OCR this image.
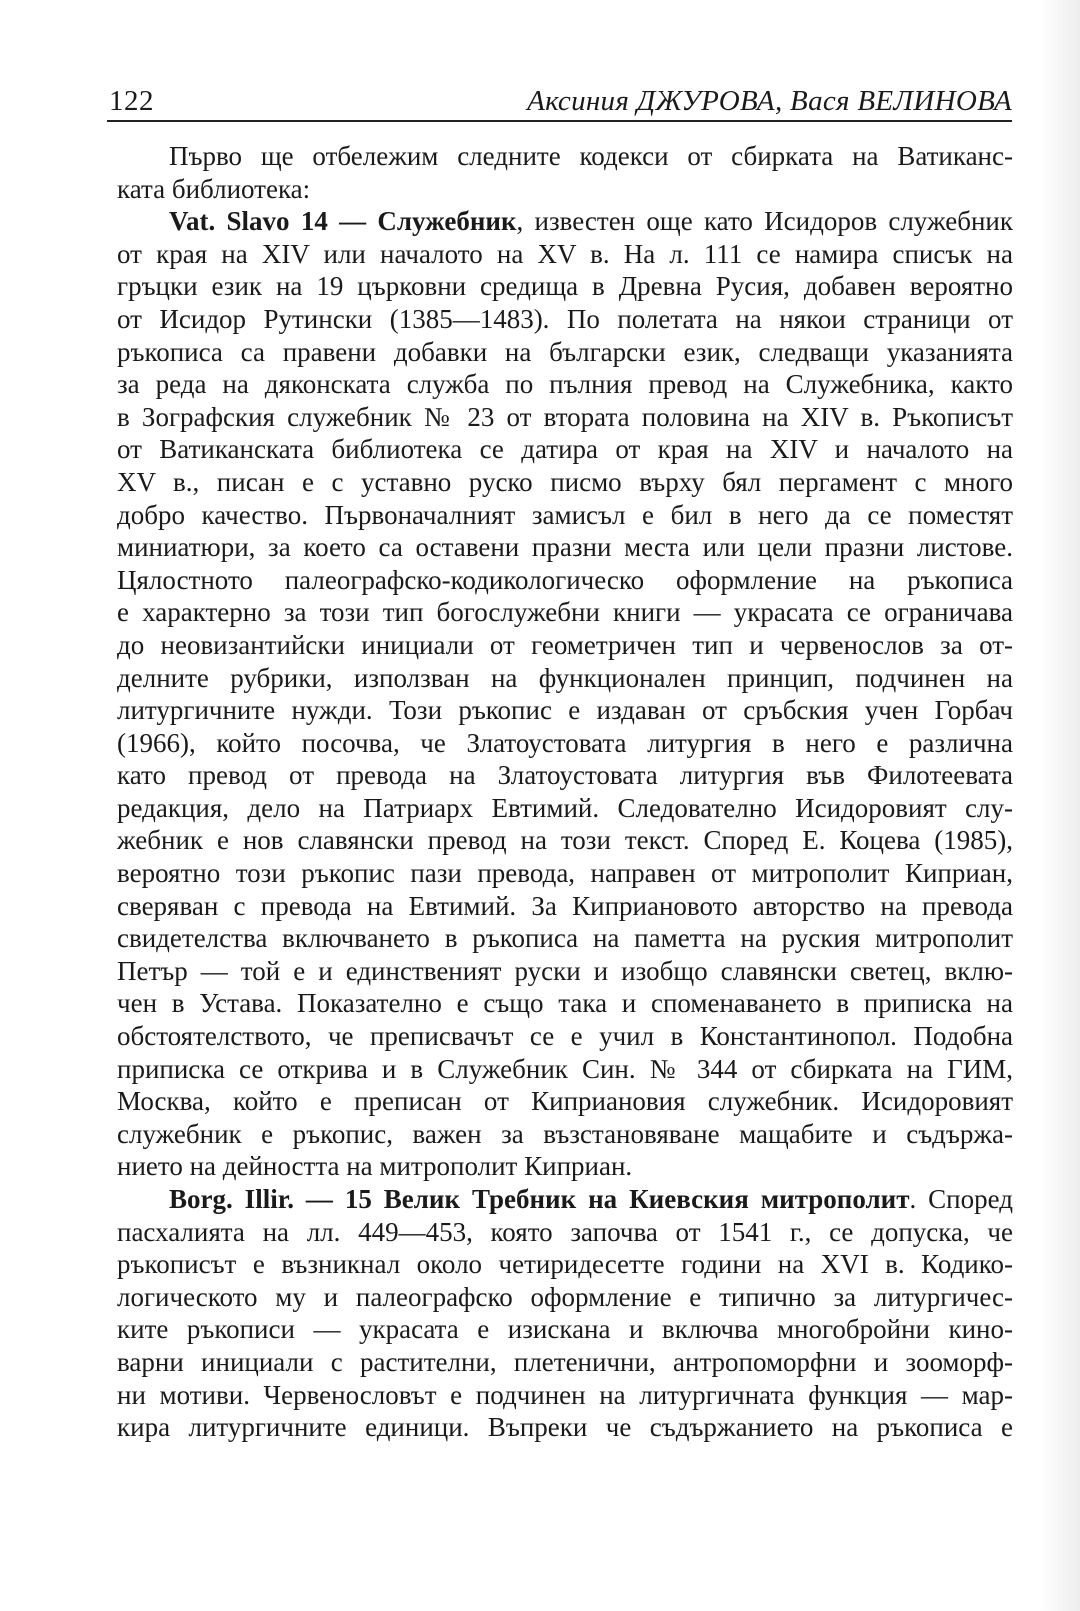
122	Аксиния ДЖУРОВА, Вася ВЕЛИНОВА

Първо ще отбележим следните кодекси от сбирката на Ватиканс-
ката библиотека:

Vat. Slavo 14 — Служебник, известен още като Исидоров служебник
от края на XIV или началото на XV в. На л. 111 се намира списък на
гръцки език на 19 църковни средища в Древна Русия, добавен вероятно
от Исидор Рутински (1385—1483). По полетата на някои страници от
ръкописа са правени добавки на български език, следващи указанията
за реда на дяконската служба по пълния превод на Служебника, както
в Зографския служебник № 23 от втората половина на XIV в. Ръкописът
от Ватиканската библиотека се датира от края на XIV и началото на
XV в., писан е с уставно руско писмо върху бял пергамент с много
добро качество. Първоначалният замисъл е бил в него да се поместят
миниатюри, за което са оставени празни места или цели празни листове.
Цялостното палеографско-кодикологическо оформление на ръкописа
е характерно за този тип богослужебни книги — украсата се ограничава
до неовизантийски инициали от геометричен тип и червенослов за от-
делните рубрики, използван на функционален принцип, подчинен на
литургичните нужди. Този ръкопис е издаван от сръбския учен Горбач
(1966), който посочва, че Златоустовата литургия в него е различна
като превод от превода на Златоустовата литургия във Филотеевата
редакция, дело на Патриарх Евтимий. Следователно Исидоровият слу-
жебник е нов славянски превод на този текст. Според Е. Коцева (1985),
вероятно този ръкопис пази превода, направен от митрополит Киприан,
сверяван с превода на Евтимий. За Киприановото авторство на превода
свидетелства включването в ръкописа на паметта на руския митрополит
Петър — той е и единственият руски и изобщо славянски светец, вклю-
чен в Устава. Показателно е също така и споменаването в приписка на
обстоятелството, че преписвачът се е учил в Константинопол. Подобна
приписка се открива и в Служебник Син. № 344 от сбирката на ГИМ,
Москва, който е преписан от Киприановия служебник. Исидоровият
служебник е ръкопис, важен за възстановяване мащабите и съдържа-
нието на дейността на митрополит Киприан.

Borg. Illir. — 15 Велик Требник на Киевския митрополит. Според
пасхалията на лл. 449—453, която започва от 1541 г., се допуска, че
ръкописът е възникнал около четиридесетте години на XVI в. Кодико-
логическото му и палеографско оформление е типично за литургичес-
ките ръкописи — украсата е изискана и включва многобройни кино-
варни инициали с растителни, плетенични, антропоморфни и зооморф-
ни мотиви. Червенословът е подчинен на литургичната функция — мар-
кира литургичните единици. Въпреки че съдържанието на ръкописа е
